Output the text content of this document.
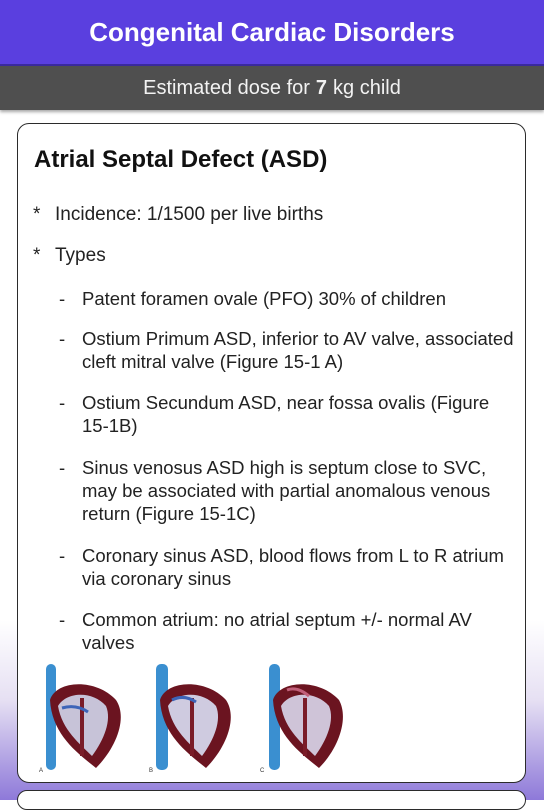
Congenital Cardiac Disorders
Estimated dose for 7 kg child
Atrial Septal Defect (ASD)
* Incidence: 1/1500 per live births
* Types
- Patent foramen ovale (PFO) 30% of children
- Ostium Primum ASD, inferior to AV valve, associated cleft mitral valve (Figure 15-1 A)
- Ostium Secundum ASD, near fossa ovalis (Figure 15-1B)
- Sinus venosus ASD high is septum close to SVC, may be associated with partial anomalous venous return (Figure 15-1C)
- Coronary sinus ASD, blood flows from L to R atrium via coronary sinus
- Common atrium: no atrial septum +/- normal AV valves
A	B	C
